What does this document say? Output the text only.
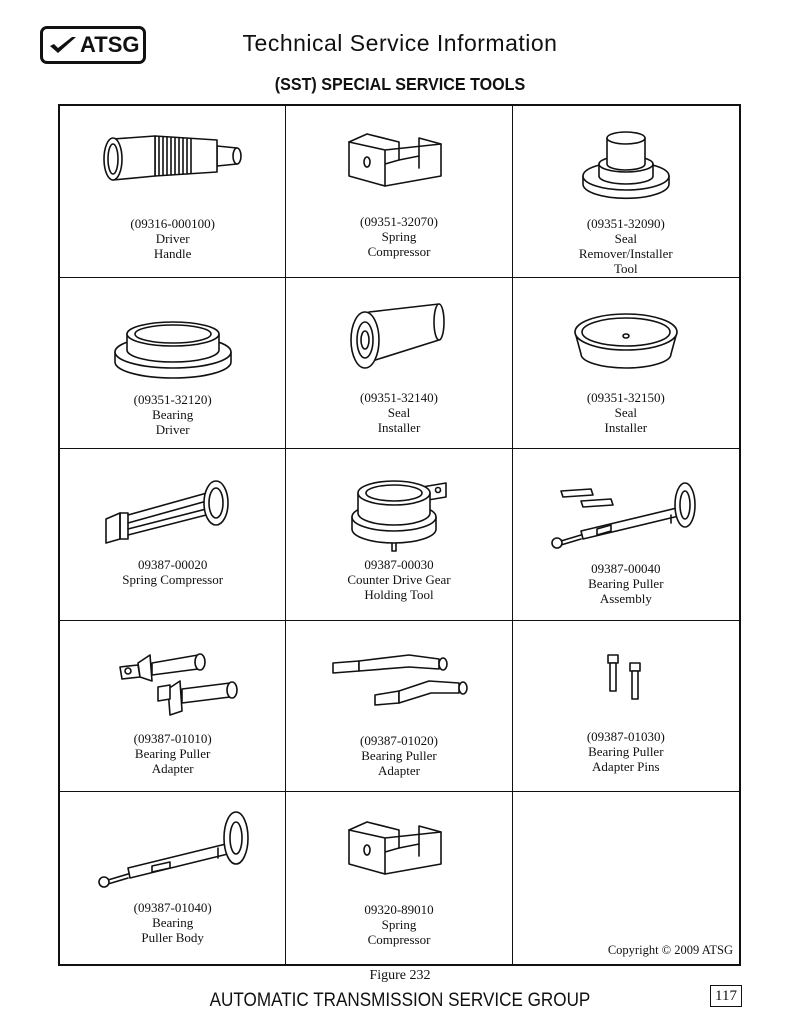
ATSG	Technical Service Information
(SST) SPECIAL SERVICE TOOLS
(09316-000100)
Driver
Handle
(09351-32070)
Spring
Compressor
(09351-32090)
Seal
Remover/Installer
Tool
(09351-32120)
Bearing
Driver
(09351-32140)
Seal
Installer
(09351-32150)
Seal
Installer
09387-00020
Spring Compressor
09387-00030
Counter Drive Gear
Holding Tool
09387-00040
Bearing Puller
Assembly
(09387-01010)
Bearing Puller
Adapter
(09387-01020)
Bearing Puller
Adapter
(09387-01030)
Bearing Puller
Adapter Pins
(09387-01040)
Bearing
Puller Body
09320-89010
Spring
Compressor
Copyright © 2009 ATSG
Figure 232
AUTOMATIC TRANSMISSION SERVICE GROUP	117
